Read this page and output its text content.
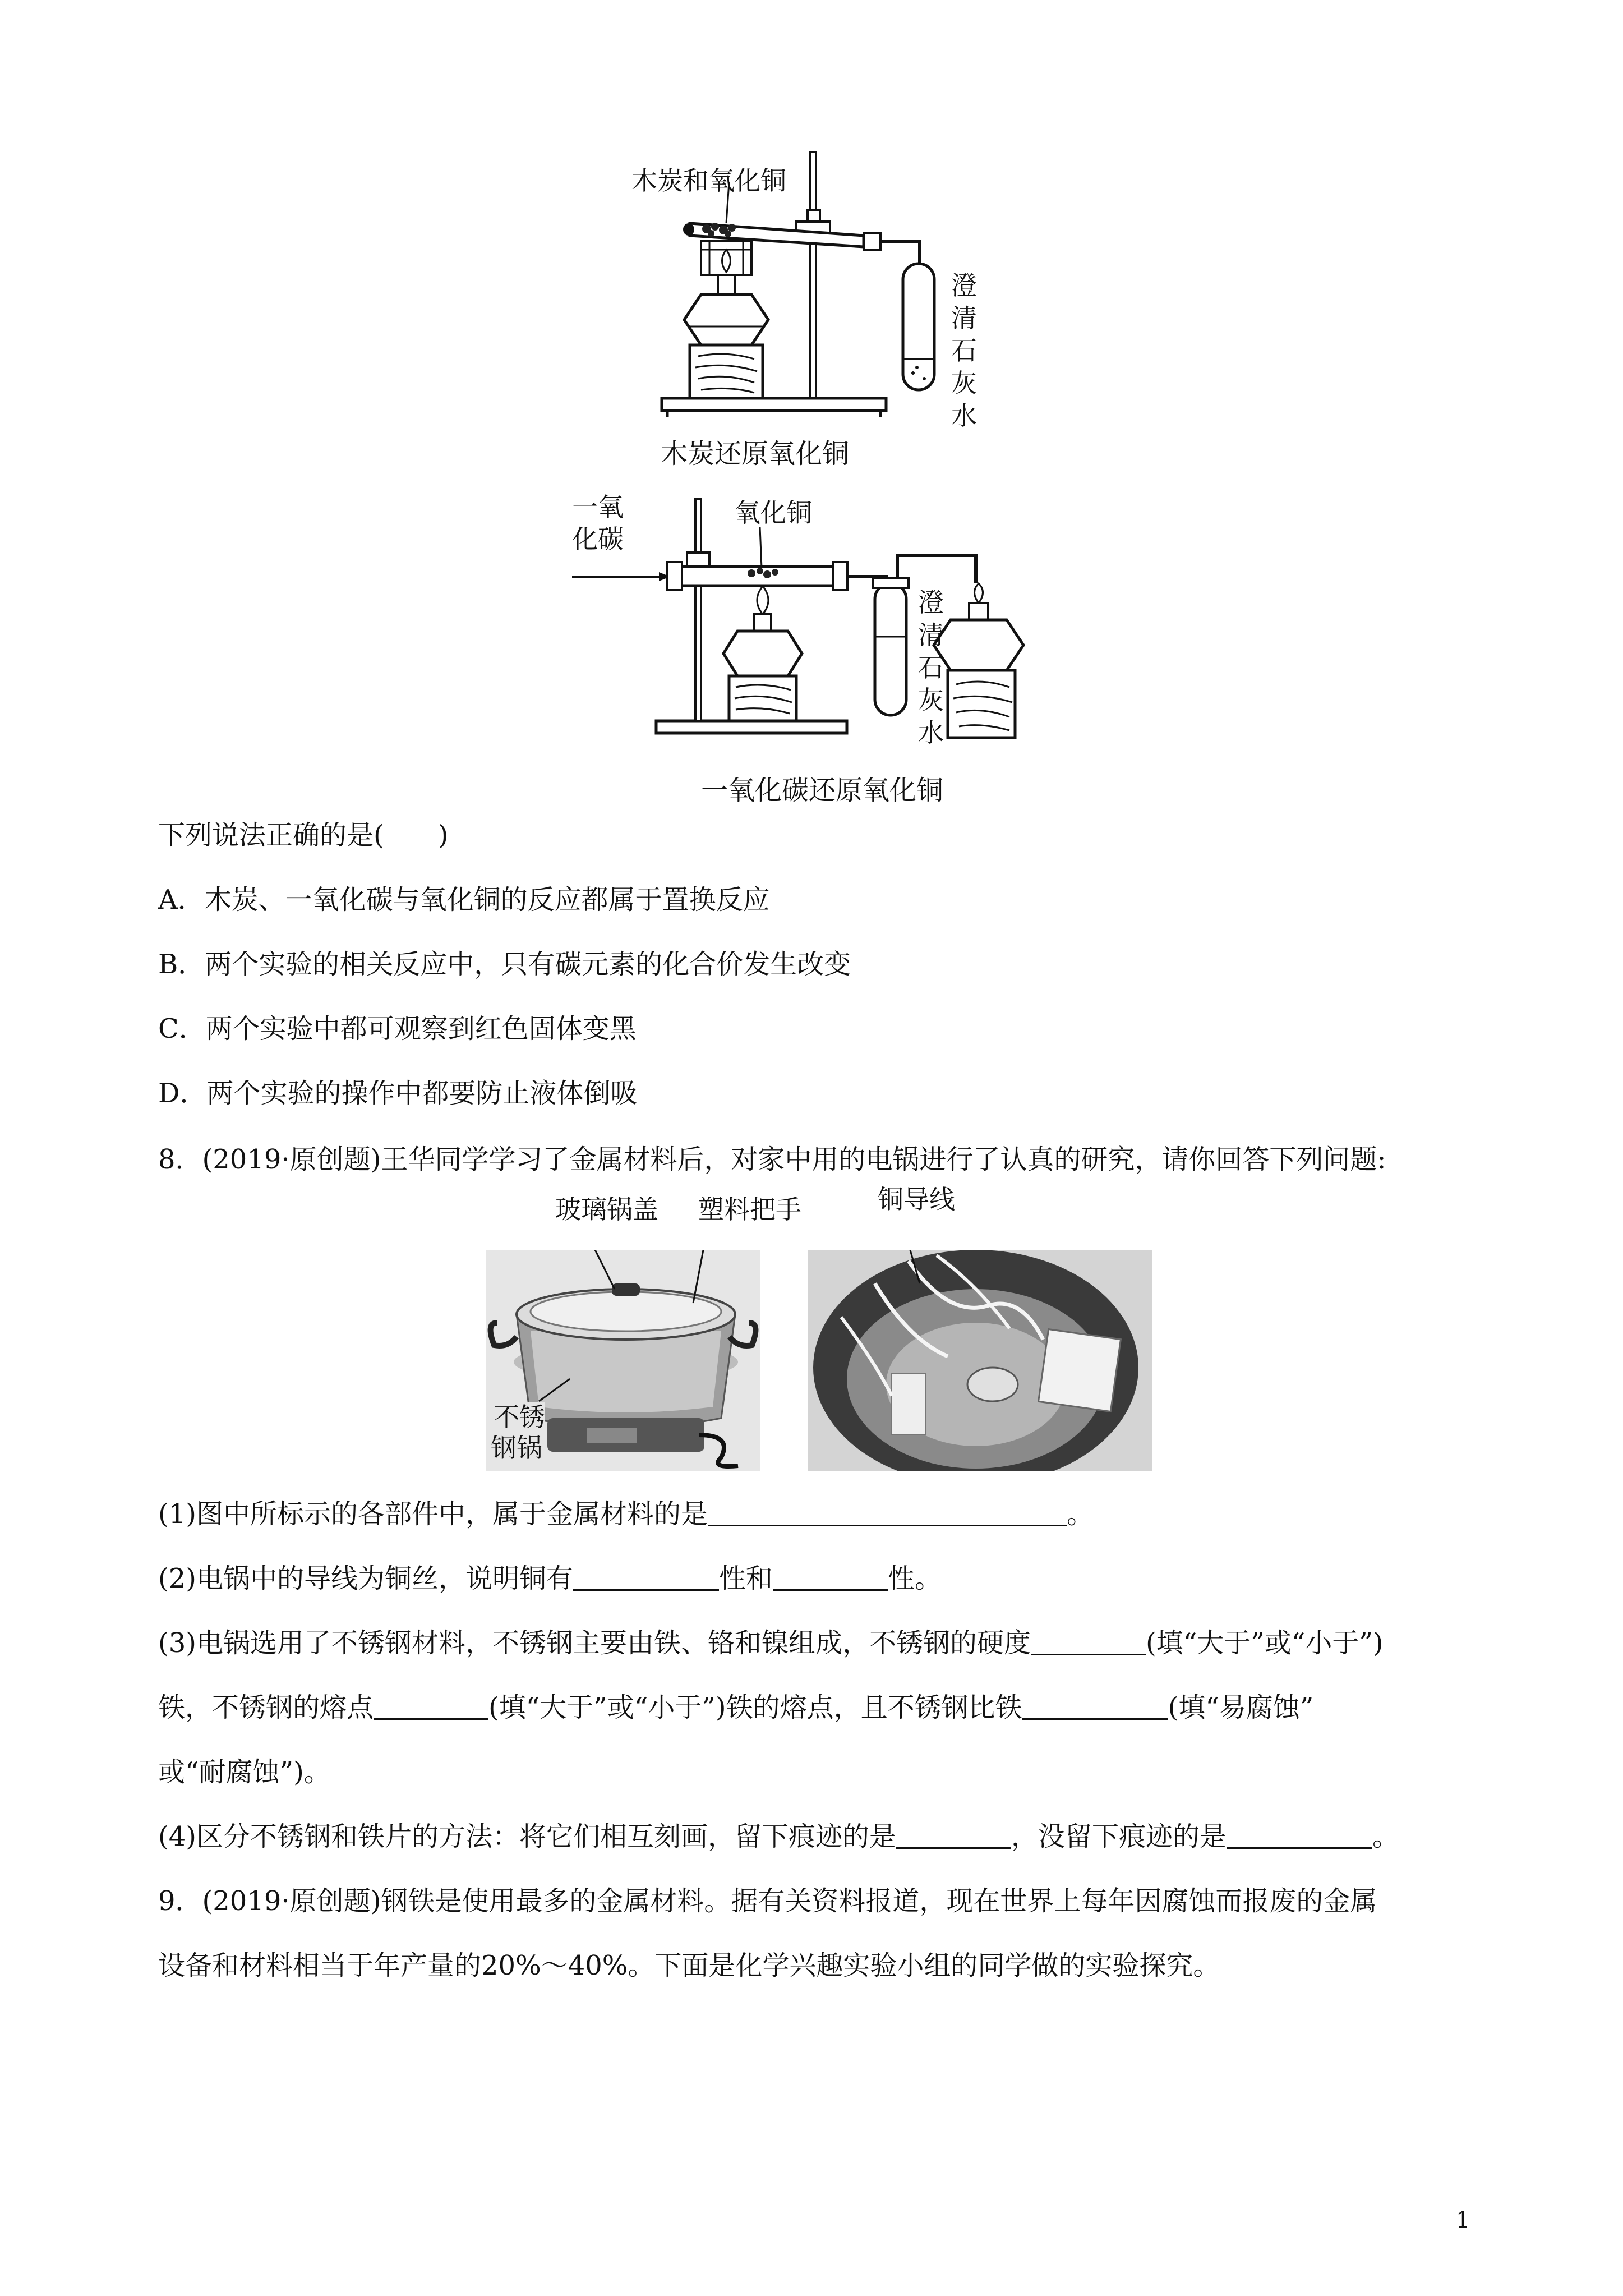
木炭和氧化铜
澄清石灰水
木炭还原氧化铜
一氧
化碳
氧化铜
澄清石灰水
一氧化碳还原氧化铜
下列说法正确的是(　　)
A．木炭、一氧化碳与氧化铜的反应都属于置换反应
B．两个实验的相关反应中，只有碳元素的化合价发生改变
C．两个实验中都可观察到红色固体变黑
D．两个实验的操作中都要防止液体倒吸
8．(2019·原创题)王华同学学习了金属材料后，对家中用的电锅进行了认真的研究，请你回答下列问题:
玻璃锅盖 塑料把手	铜导线
不锈
钢锅
(1)图中所标示的各部件中，属于金属材料的是	。
(2)电锅中的导线为铜丝，说明铜有	性和	性。
(3)电锅选用了不锈钢材料，不锈钢主要由铁、铬和镍组成，不锈钢的硬度	(填“大于”或“小于”)
铁，不锈钢的熔点	(填“大于”或“小于”)铁的熔点，且不锈钢比铁	(填“易腐蚀”
或“耐腐蚀”)。
(4)区分不锈钢和铁片的方法：将它们相互刻画，留下痕迹的是	，没留下痕迹的是	。
9．(2019·原创题)钢铁是使用最多的金属材料。据有关资料报道，现在世界上每年因腐蚀而报废的金属
设备和材料相当于年产量的20%～40%。下面是化学兴趣实验小组的同学做的实验探究。
1
